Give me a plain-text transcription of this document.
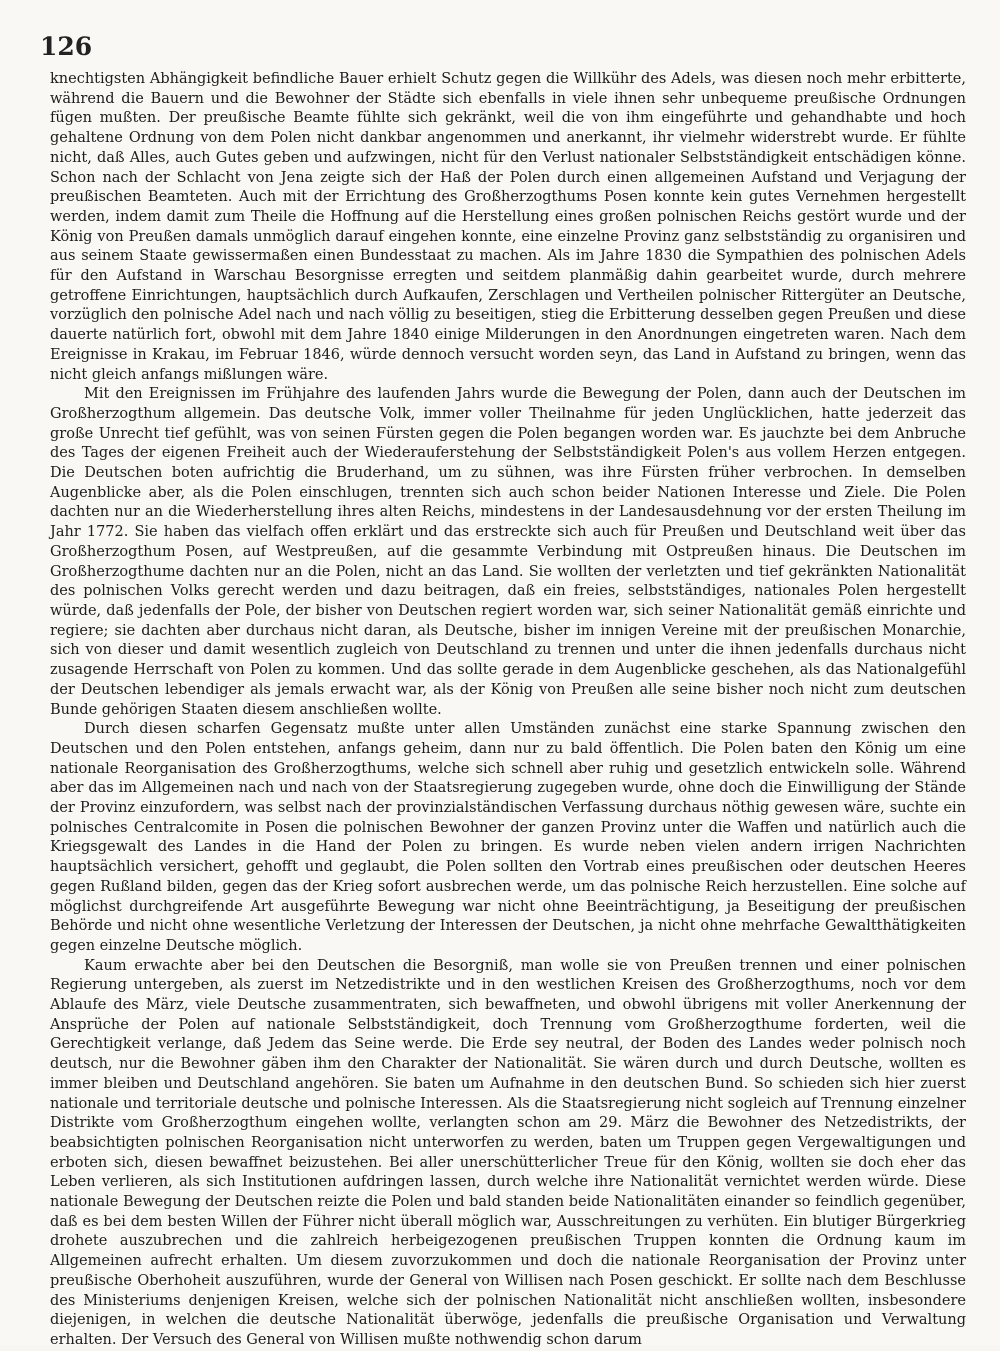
126

knechtigsten Abhängigkeit befindliche Bauer erhielt Schutz gegen die Willkühr des Adels, was diesen noch mehr erbitterte, während die Bauern und die Bewohner der Städte sich ebenfalls in viele ihnen sehr unbequeme preußische Ordnungen fügen mußten. Der preußische Beamte fühlte sich gekränkt, weil die von ihm eingeführte und gehandhabte und hoch gehaltene Ordnung von dem Polen nicht dankbar angenommen und anerkannt, ihr vielmehr widerstrebt wurde. Er fühlte nicht, daß Alles, auch Gutes geben und aufzwingen, nicht für den Verlust nationaler Selbstständigkeit entschädigen könne. Schon nach der Schlacht von Jena zeigte sich der Haß der Polen durch einen allgemeinen Aufstand und Verjagung der preußischen Beamteten. Auch mit der Errichtung des Großherzogthums Posen konnte kein gutes Vernehmen hergestellt werden, indem damit zum Theile die Hoffnung auf die Herstellung eines großen polnischen Reichs gestört wurde und der König von Preußen damals unmöglich darauf eingehen konnte, eine einzelne Provinz ganz selbstständig zu organisiren und aus seinem Staate gewissermaßen einen Bundesstaat zu machen. Als im Jahre 1830 die Sympathien des polnischen Adels für den Aufstand in Warschau Besorgnisse erregten und seitdem planmäßig dahin gearbeitet wurde, durch mehrere getroffene Einrichtungen, hauptsächlich durch Aufkaufen, Zerschlagen und Vertheilen polnischer Rittergüter an Deutsche, vorzüglich den polnische Adel nach und nach völlig zu beseitigen, stieg die Erbitterung desselben gegen Preußen und diese dauerte natürlich fort, obwohl mit dem Jahre 1840 einige Milderungen in den Anordnungen eingetreten waren. Nach dem Ereignisse in Krakau, im Februar 1846, würde dennoch versucht worden seyn, das Land in Aufstand zu bringen, wenn das nicht gleich anfangs mißlungen wäre.

Mit den Ereignissen im Frühjahre des laufenden Jahrs wurde die Bewegung der Polen, dann auch der Deutschen im Großherzogthum allgemein. Das deutsche Volk, immer voller Theilnahme für jeden Unglücklichen, hatte jederzeit das große Unrecht tief gefühlt, was von seinen Fürsten gegen die Polen begangen worden war. Es jauchzte bei dem Anbruche des Tages der eigenen Freiheit auch der Wiederauferstehung der Selbstständigkeit Polen's aus vollem Herzen entgegen. Die Deutschen boten aufrichtig die Bruderhand, um zu sühnen, was ihre Fürsten früher verbrochen. In demselben Augenblicke aber, als die Polen einschlugen, trennten sich auch schon beider Nationen Interesse und Ziele. Die Polen dachten nur an die Wiederherstellung ihres alten Reichs, mindestens in der Landesausdehnung vor der ersten Theilung im Jahr 1772. Sie haben das vielfach offen erklärt und das erstreckte sich auch für Preußen und Deutschland weit über das Großherzogthum Posen, auf Westpreußen, auf die gesammte Verbindung mit Ostpreußen hinaus. Die Deutschen im Großherzogthume dachten nur an die Polen, nicht an das Land. Sie wollten der verletzten und tief gekränkten Nationalität des polnischen Volks gerecht werden und dazu beitragen, daß ein freies, selbstständiges, nationales Polen hergestellt würde, daß jedenfalls der Pole, der bisher von Deutschen regiert worden war, sich seiner Nationalität gemäß einrichte und regiere; sie dachten aber durchaus nicht daran, als Deutsche, bisher im innigen Vereine mit der preußischen Monarchie, sich von dieser und damit wesentlich zugleich von Deutschland zu trennen und unter die ihnen jedenfalls durchaus nicht zusagende Herrschaft von Polen zu kommen. Und das sollte gerade in dem Augenblicke geschehen, als das Nationalgefühl der Deutschen lebendiger als jemals erwacht war, als der König von Preußen alle seine bisher noch nicht zum deutschen Bunde gehörigen Staaten diesem anschließen wollte.

Durch diesen scharfen Gegensatz mußte unter allen Umständen zunächst eine starke Spannung zwischen den Deutschen und den Polen entstehen, anfangs geheim, dann nur zu bald öffentlich. Die Polen baten den König um eine nationale Reorganisation des Großherzogthums, welche sich schnell aber ruhig und gesetzlich entwickeln solle. Während aber das im Allgemeinen nach und nach von der Staatsregierung zugegeben wurde, ohne doch die Einwilligung der Stände der Provinz einzufordern, was selbst nach der provinzialständischen Verfassung durchaus nöthig gewesen wäre, suchte ein polnisches Centralcomite in Posen die polnischen Bewohner der ganzen Provinz unter die Waffen und natürlich auch die Kriegsgewalt des Landes in die Hand der Polen zu bringen. Es wurde neben vielen andern irrigen Nachrichten hauptsächlich versichert, gehofft und geglaubt, die Polen sollten den Vortrab eines preußischen oder deutschen Heeres gegen Rußland bilden, gegen das der Krieg sofort ausbrechen werde, um das polnische Reich herzustellen. Eine solche auf möglichst durchgreifende Art ausgeführte Bewegung war nicht ohne Beeinträchtigung, ja Beseitigung der preußischen Behörde und nicht ohne wesentliche Verletzung der Interessen der Deutschen, ja nicht ohne mehrfache Gewaltthätigkeiten gegen einzelne Deutsche möglich.

Kaum erwachte aber bei den Deutschen die Besorgniß, man wolle sie von Preußen trennen und einer polnischen Regierung untergeben, als zuerst im Netzedistrikte und in den westlichen Kreisen des Großherzogthums, noch vor dem Ablaufe des März, viele Deutsche zusammentraten, sich bewaffneten, und obwohl übrigens mit voller Anerkennung der Ansprüche der Polen auf nationale Selbstständigkeit, doch Trennung vom Großherzogthume forderten, weil die Gerechtigkeit verlange, daß Jedem das Seine werde. Die Erde sey neutral, der Boden des Landes weder polnisch noch deutsch, nur die Bewohner gäben ihm den Charakter der Nationalität. Sie wären durch und durch Deutsche, wollten es immer bleiben und Deutschland angehören. Sie baten um Aufnahme in den deutschen Bund. So schieden sich hier zuerst nationale und territoriale deutsche und polnische Interessen. Als die Staatsregierung nicht sogleich auf Trennung einzelner Distrikte vom Großherzogthum eingehen wollte, verlangten schon am 29. März die Bewohner des Netzedistrikts, der beabsichtigten polnischen Reorganisation nicht unterworfen zu werden, baten um Truppen gegen Vergewaltigungen und erboten sich, diesen bewaffnet beizustehen. Bei aller unerschütterlicher Treue für den König, wollten sie doch eher das Leben verlieren, als sich Institutionen aufdringen lassen, durch welche ihre Nationalität vernichtet werden würde. Diese nationale Bewegung der Deutschen reizte die Polen und bald standen beide Nationalitäten einander so feindlich gegenüber, daß es bei dem besten Willen der Führer nicht überall möglich war, Ausschreitungen zu verhüten. Ein blutiger Bürgerkrieg drohete auszubrechen und die zahlreich herbeigezogenen preußischen Truppen konnten die Ordnung kaum im Allgemeinen aufrecht erhalten. Um diesem zuvorzukommen und doch die nationale Reorganisation der Provinz unter preußische Oberhoheit auszuführen, wurde der General von Willisen nach Posen geschickt. Er sollte nach dem Beschlusse des Ministeriums denjenigen Kreisen, welche sich der polnischen Nationalität nicht anschließen wollten, insbesondere diejenigen, in welchen die deutsche Nationalität überwöge, jedenfalls die preußische Organisation und Verwaltung erhalten. Der Versuch des General von Willisen mußte nothwendig schon darum
